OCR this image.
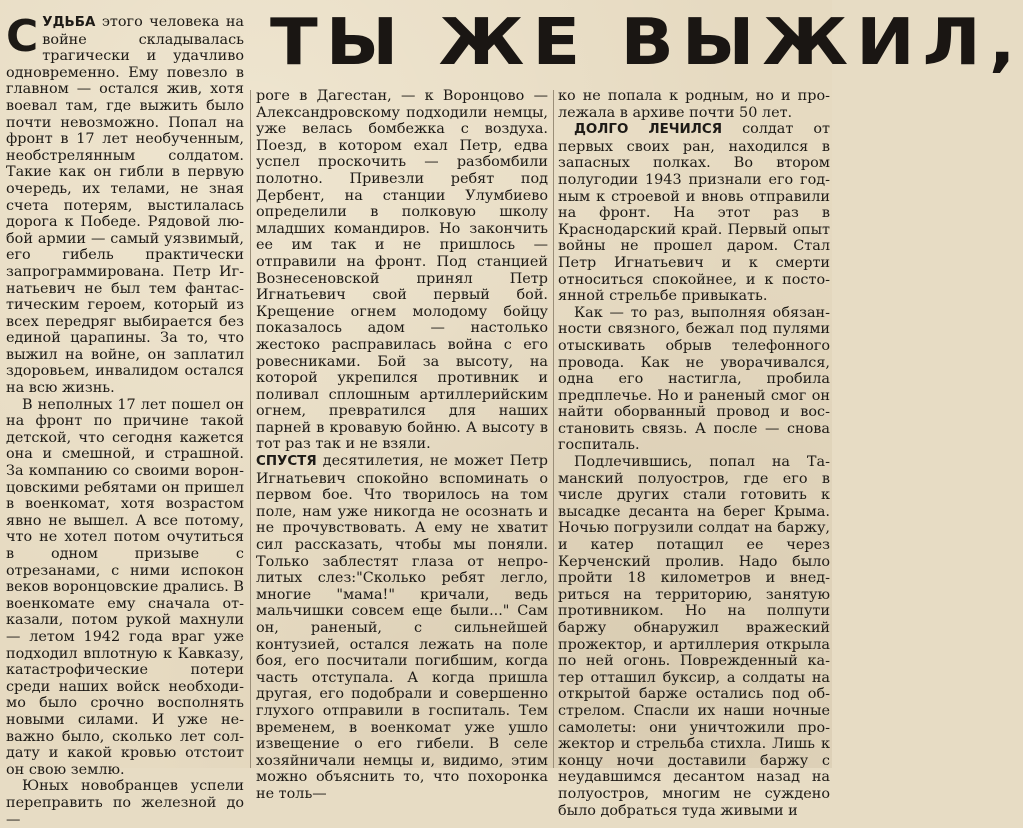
ТЫ ЖЕ ВЫЖИЛ,

СУДЬБА этого человека на войне складывалась трагически и удачливо одновременно. Ему повезло в главном — остался жив, хотя воевал там, где выжить было почти невозможно. Попал на фронт в 17 лет необученным, необстрелянным солдатом. Такие как он гибли в первую очередь, их телами, не зная счета потерям, выстилалась дорога к Победе. Рядовой любой армии — самый уязвимый, его гибель практически запрограммирована. Петр Игнатьевич не был тем фантастическим героем, который из всех передряг выбирается без единой царапины. За то, что выжил на войне, он заплатил здоровьем, инвалидом остался на всю жизнь.

В неполных 17 лет пошел он на фронт по причине такой детской, что сегодня кажется она и смешной, и страшной. За компанию со своими воронцовскими ребятами он пришел в военкомат, хотя возрастом явно не вышел. А все потому, что не хотел потом очутиться в одном призыве с отрезанами, с ними испокон веков воронцовские дрались. В военкомате ему сначала отказали, потом рукой махнули — летом 1942 года враг уже подходил вплотную к Кавказу, катастрофические потери среди наших войск необходимо было срочно восполнять новыми силами. И уже неважно было, сколько лет солдату и какой кровью отстоит он свою землю.

Юных новобранцев успели переправить по железной до —

роге в Дагестан, — к Воронцово — Александровскому подходили немцы, уже велась бомбежка с воздуха. Поезд, в котором ехал Петр, едва успел проскочить — разбомбили полотно. Привезли ребят под Дербент, на станции Улумбиево определили в полковую школу младших командиров. Но закончить ее им так и не пришлось — отправили на фронт. Под станцией Вознесеновской принял Петр Игнатьевич свой первый бой. Крещение огнем молодому бойцу показалось адом — настолько жестоко расправилась война с его ровесниками. Бой за высоту, на которой укрепился противник и поливал сплошным артиллерийским огнем, превратился для наших парней в кровавую бойню. А высоту в тот раз так и не взяли.

СПУСТЯ десятилетия, не может Петр Игнатьевич спокойно вспоминать о первом бое. Что творилось на том поле, нам уже никогда не осознать и не прочувствовать. А ему не хватит сил рассказать, чтобы мы поняли. Только заблестят глаза от непролитых слез:"Сколько ребят легло, многие "мама!" кричали, ведь мальчишки совсем еще были..." Сам он, раненый, с сильнейшей контузией, остался лежать на поле боя, его посчитали погибшим, когда часть отступала. А когда пришла другая, его подобрали и совершенно глухого отправили в госпиталь. Тем временем, в военкомат уже ушло извещение о его гибели. В селе хозяйничали немцы и, видимо, этим можно объяснить то, что похоронка не толь—

ко не попала к родным, но и пролежала в архиве почти 50 лет.

ДОЛГО ЛЕЧИЛСЯ солдат от первых своих ран, находился в запасных полках. Во втором полугодии 1943 признали его годным к строевой и вновь отправили на фронт. На этот раз в Краснодарский край. Первый опыт войны не прошел даром. Стал Петр Игнатьевич и к смерти относиться спокойнее, и к постоянной стрельбе привыкать.

Как — то раз, выполняя обязанности связного, бежал под пулями отыскивать обрыв телефонного провода. Как не уворачивался, одна его настигла, пробила предплечье. Но и раненый смог он найти оборванный провод и восстановить связь. А после — снова госпиталь.

Подлечившись, попал на Таманский полуостров, где его в числе других стали готовить к высадке десанта на берег Крыма. Ночью погрузили солдат на баржу, и катер потащил ее через Керченский пролив. Надо было пройти 18 километров и внедриться на территорию, занятую противником. Но на полпути баржу обнаружил вражеский прожектор, и артиллерия открыла по ней огонь. Поврежденный катер отташил буксир, а солдаты на открытой барже остались под обстрелом. Спасли их наши ночные самолеты: они уничтожили прожектор и стрельба стихла. Лишь к концу ночи доставили баржу с неудавшимся десантом назад на полуостров, многим не суждено было добраться туда живыми и
